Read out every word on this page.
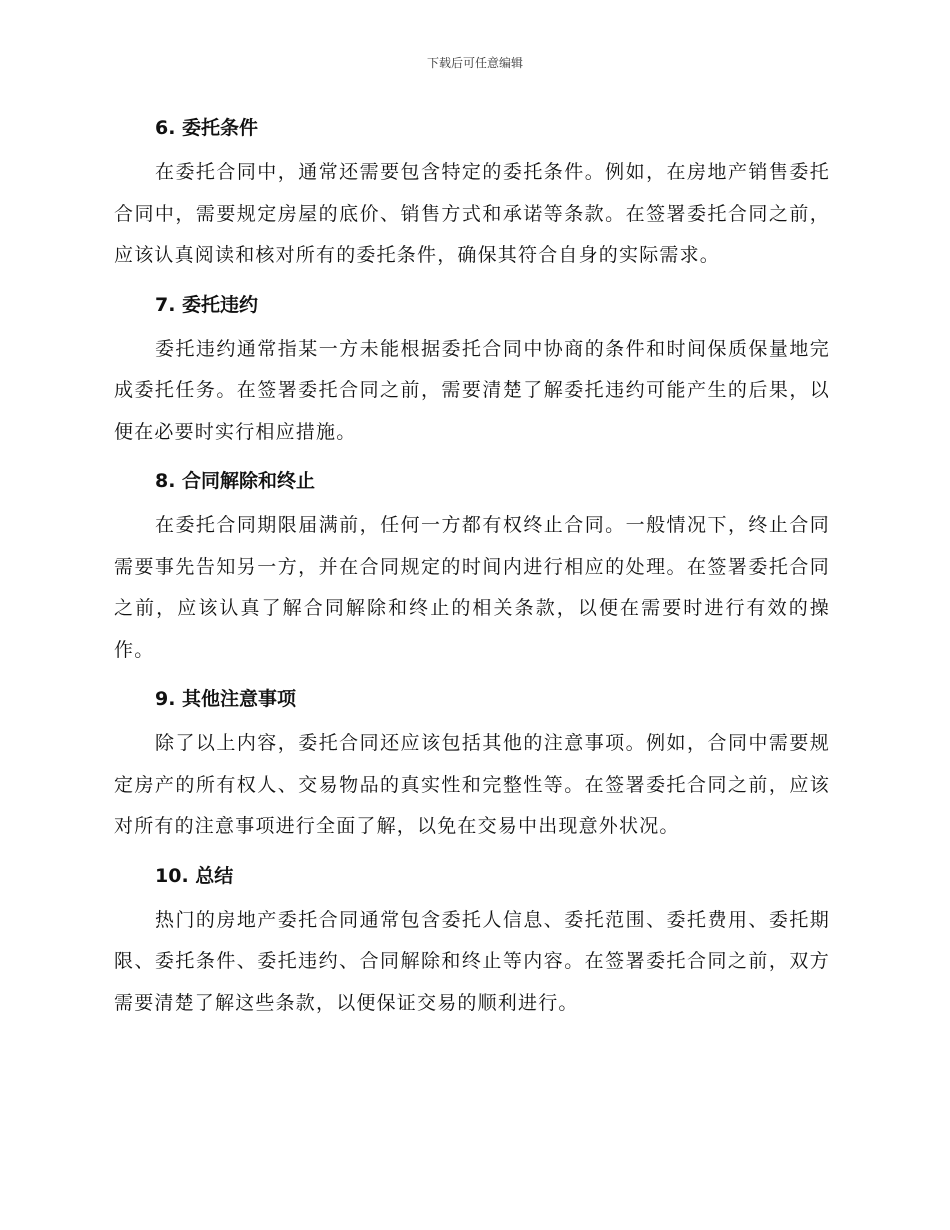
下载后可任意编辑
6. 委托条件

在委托合同中，通常还需要包含特定的委托条件。例如，在房地产销售委托合同中，需要规定房屋的底价、销售方式和承诺等条款。在签署委托合同之前，应该认真阅读和核对所有的委托条件，确保其符合自身的实际需求。

7. 委托违约

委托违约通常指某一方未能根据委托合同中协商的条件和时间保质保量地完成委托任务。在签署委托合同之前，需要清楚了解委托违约可能产生的后果，以便在必要时实行相应措施。

8. 合同解除和终止

在委托合同期限届满前，任何一方都有权终止合同。一般情况下，终止合同需要事先告知另一方，并在合同规定的时间内进行相应的处理。在签署委托合同之前，应该认真了解合同解除和终止的相关条款，以便在需要时进行有效的操作。

9. 其他注意事项

除了以上内容，委托合同还应该包括其他的注意事项。例如，合同中需要规定房产的所有权人、交易物品的真实性和完整性等。在签署委托合同之前，应该对所有的注意事项进行全面了解，以免在交易中出现意外状况。

10. 总结

热门的房地产委托合同通常包含委托人信息、委托范围、委托费用、委托期限、委托条件、委托违约、合同解除和终止等内容。在签署委托合同之前，双方需要清楚了解这些条款，以便保证交易的顺利进行。
